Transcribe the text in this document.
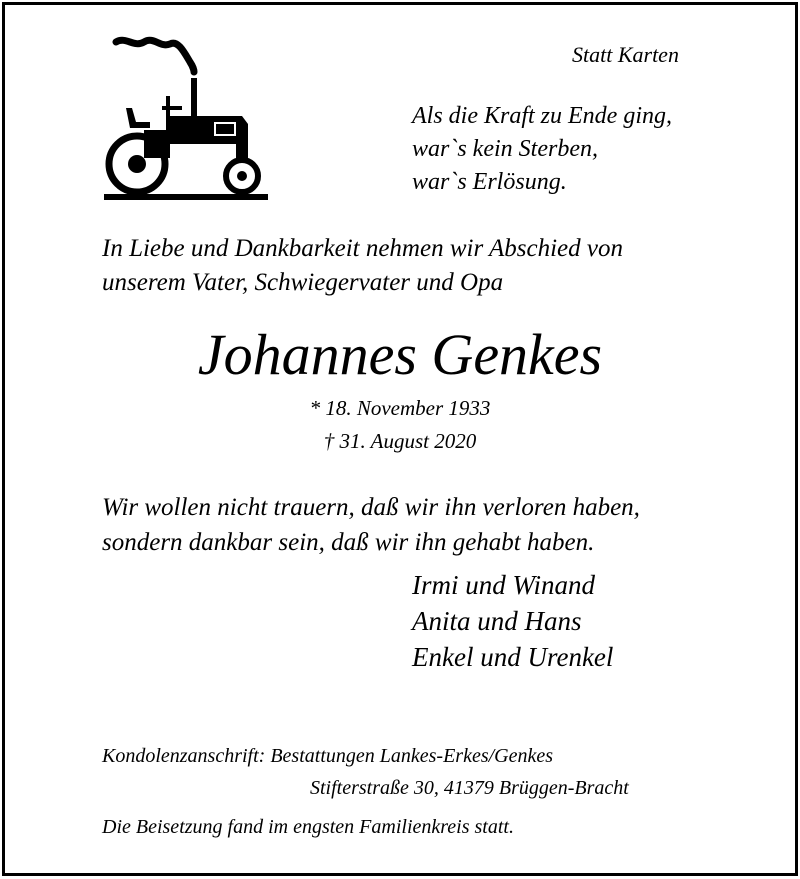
Statt Karten
Als die Kraft zu Ende ging,
war`s kein Sterben,
war`s Erlösung.
In Liebe und Dankbarkeit nehmen wir Abschied von
unserem Vater, Schwiegervater und Opa
Johannes Genkes
* 18. November 1933
† 31. August 2020
Wir wollen nicht trauern, daß wir ihn verloren haben,
sondern dankbar sein, daß wir ihn gehabt haben.
Irmi und Winand
Anita und Hans
Enkel und Urenkel
Kondolenzanschrift: Bestattungen Lankes-Erkes/Genkes
Stifterstraße 30, 41379 Brüggen-Bracht
Die Beisetzung fand im engsten Familienkreis statt.
